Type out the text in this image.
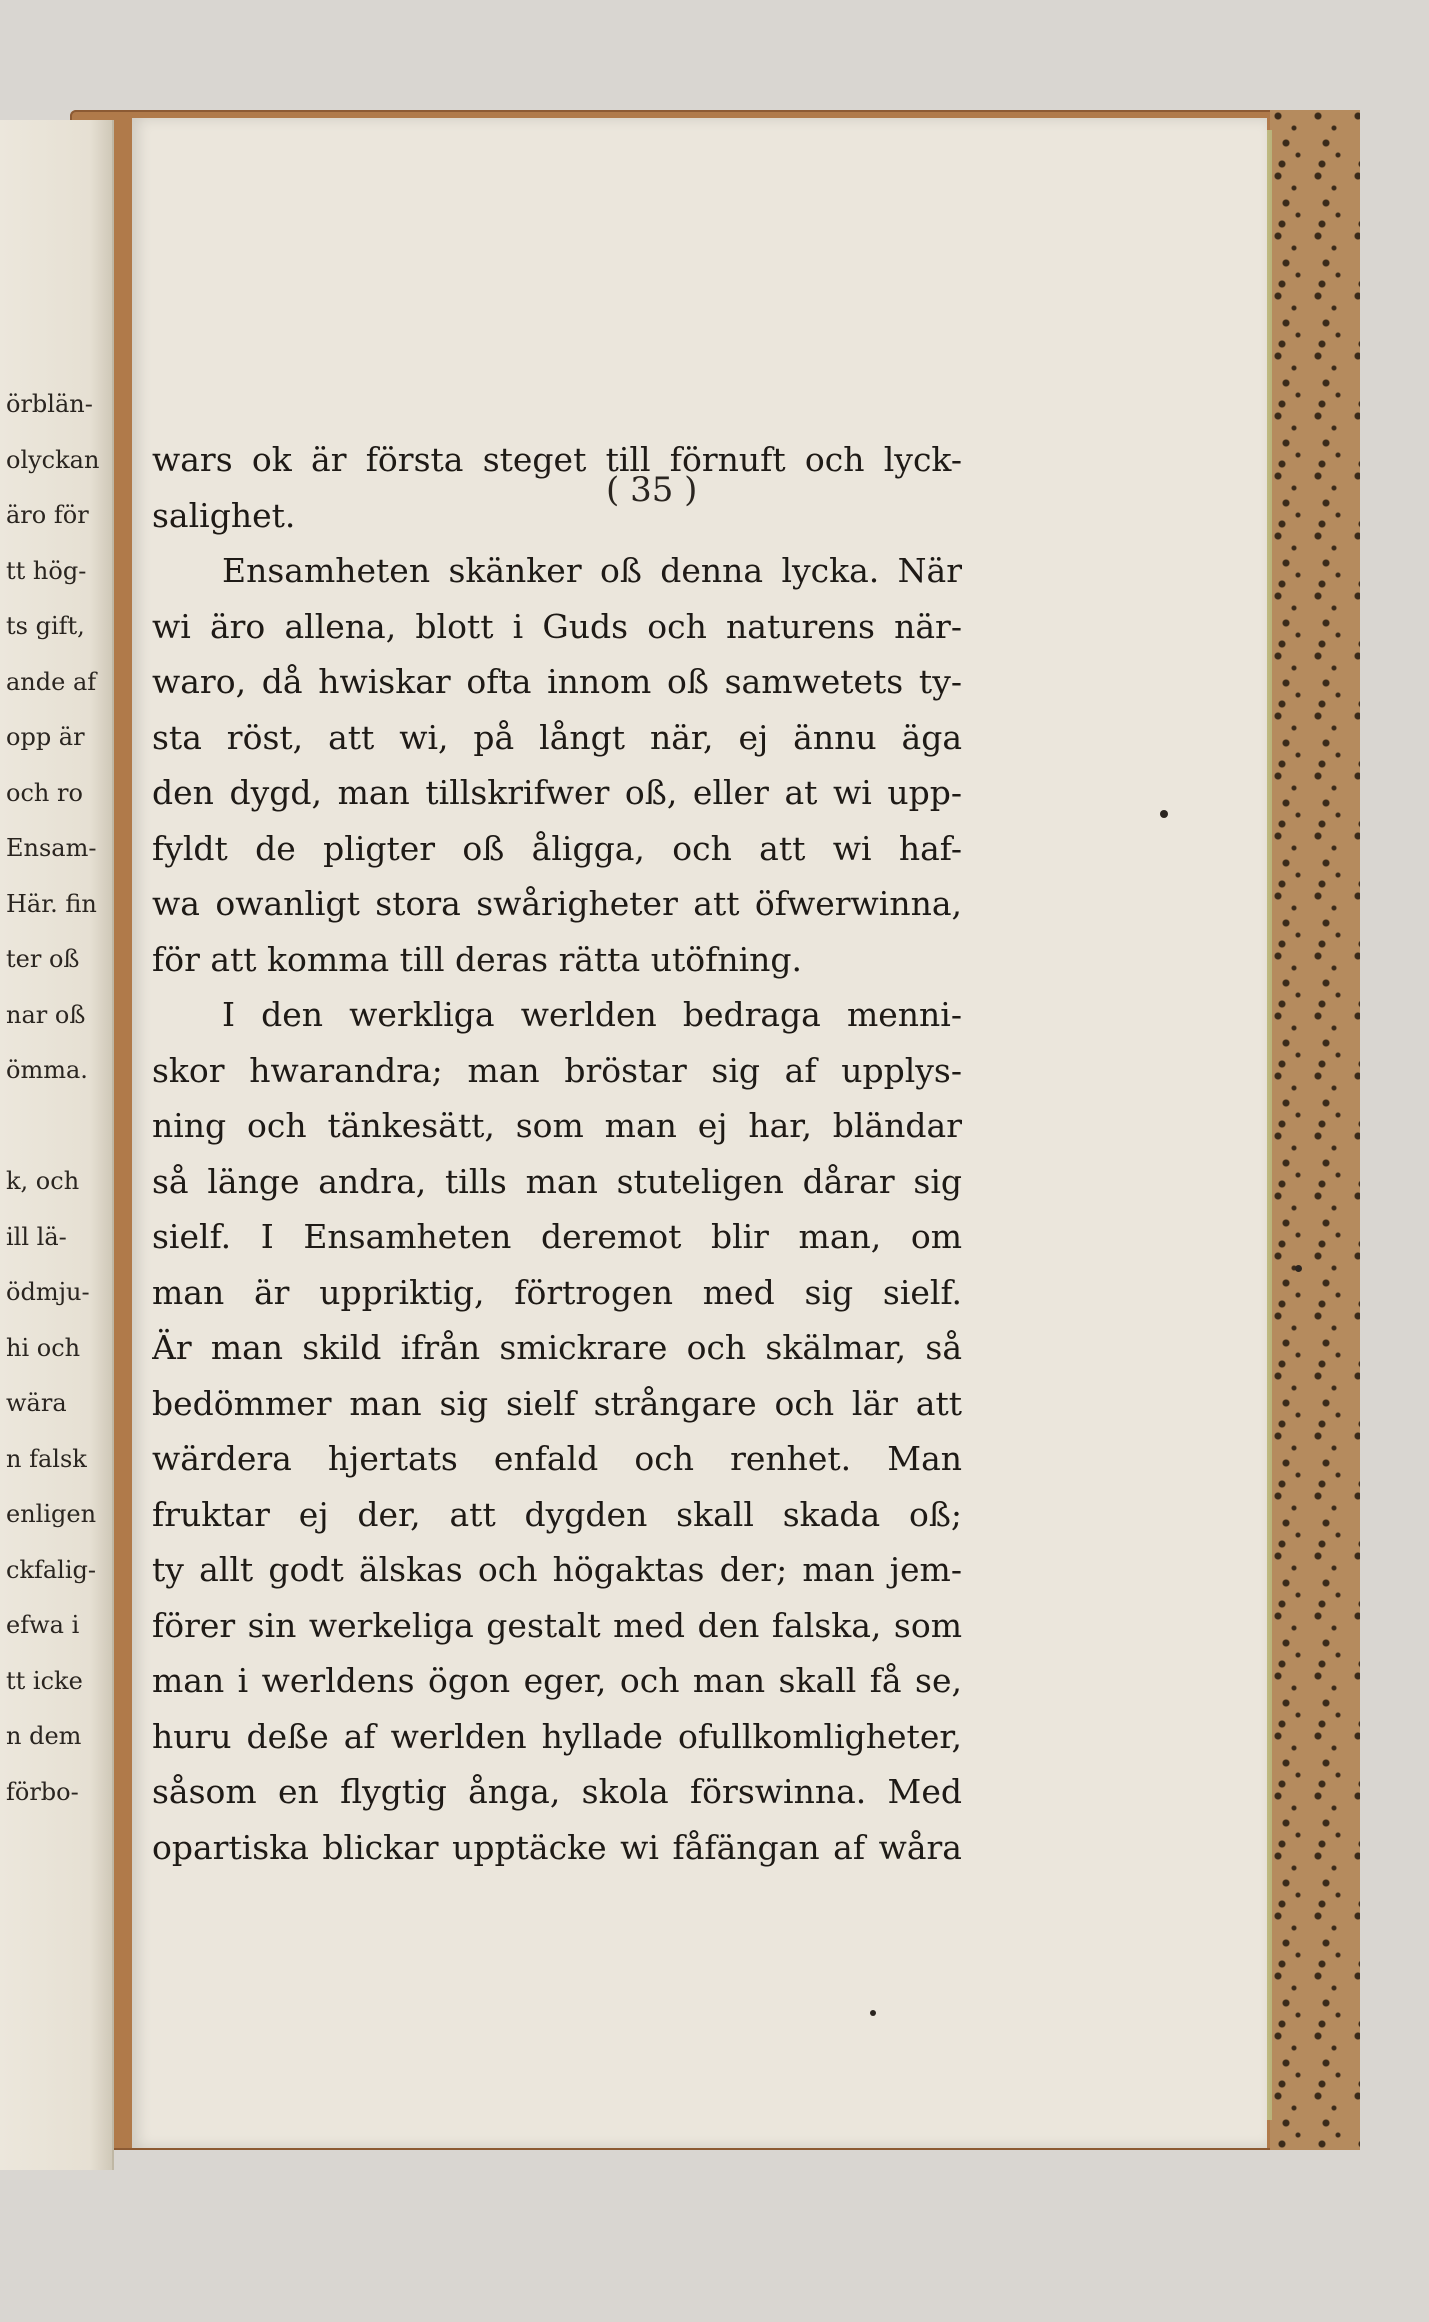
örblän-
olyckan
äro för
tt hög-
ts gift,
ande af
opp är
och ro
Ensam-
Här. fin
ter oß
nar oß
ömma.
k, och
ill lä-
ödmju-
hi och
wära
n falsk
enligen
ckfalig-
efwa i
tt icke
n dem
förbo-
( 35 )
wars ok är första steget till förnuft och lyck-
salighet.
Ensamheten skänker oß denna lycka. När
wi äro allena, blott i Guds och naturens när-
waro, då hwiskar ofta innom oß samwetets ty-
sta röst, att wi, på långt när, ej ännu äga
den dygd, man tillskrifwer oß, eller at wi upp-
fyldt de pligter oß åligga, och att wi haf-
wa owanligt stora swårigheter att öfwerwinna,
för att komma till deras rätta utöfning.
I den werkliga werlden bedraga menni-
skor hwarandra; man bröstar sig af upplys-
ning och tänkesätt, som man ej har, bländar
så länge andra, tills man stuteligen dårar sig
sielf. I Ensamheten deremot blir man, om
man är uppriktig, förtrogen med sig sielf.
Är man skild ifrån smickrare och skälmar, så
bedömmer man sig sielf strångare och lär att
wärdera hjertats enfald och renhet. Man
fruktar ej der, att dygden skall skada oß;
ty allt godt älskas och högaktas der; man jem-
förer sin werkeliga gestalt med den falska, som
man i werldens ögon eger, och man skall få se,
huru deße af werlden hyllade ofullkomligheter,
såsom en flygtig ånga, skola förswinna. Med
opartiska blickar upptäcke wi fåfängan af wåra
